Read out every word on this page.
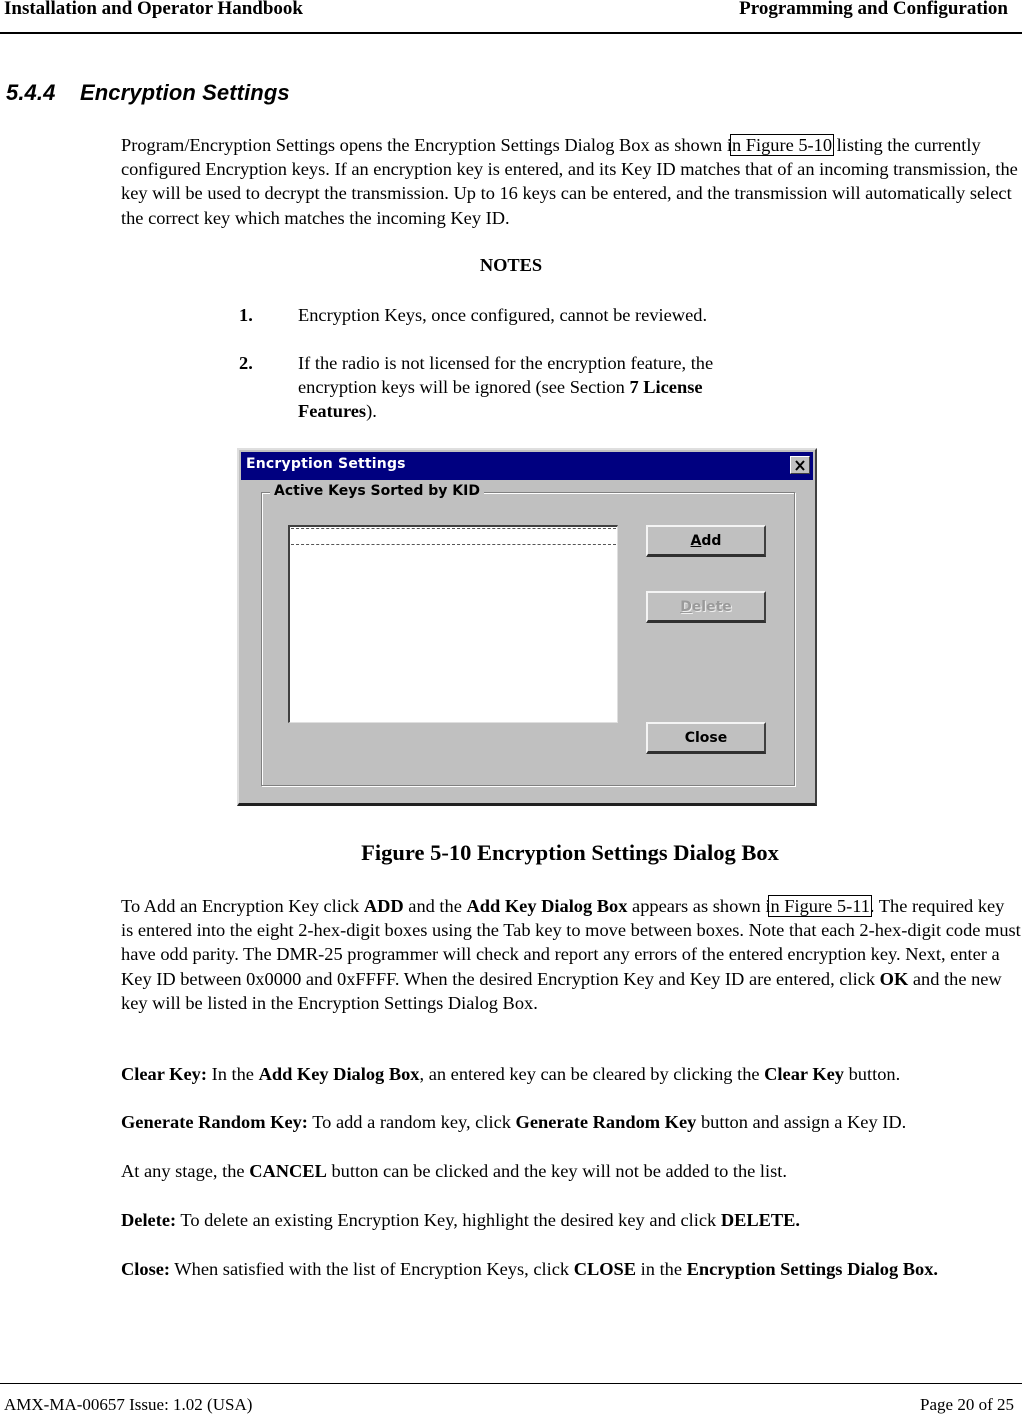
Installation and Operator Handbook	Programming and Configuration
5.4.4 Encryption Settings
Program/Encryption Settings opens the Encryption Settings Dialog Box as shown in Figure 5-10 listing the currently configured Encryption keys. If an encryption key is entered, and its Key ID matches that of an incoming transmission, the key will be used to decrypt the transmission. Up to 16 keys can be entered, and the transmission will automatically select the correct key which matches the incoming Key ID.
NOTES
1. Encryption Keys, once configured, cannot be reviewed.
2. If the radio is not licensed for the encryption feature, the encryption keys will be ignored (see Section 7 License Features).
Encryption Settings
Active Keys Sorted by KID
Add
Delete
Close
Figure 5-10 Encryption Settings Dialog Box
To Add an Encryption Key click ADD and the Add Key Dialog Box appears as shown in Figure 5-11. The required key is entered into the eight 2-hex-digit boxes using the Tab key to move between boxes. Note that each 2-hex-digit code must have odd parity. The DMR-25 programmer will check and report any errors of the entered encryption key. Next, enter a Key ID between 0x0000 and 0xFFFF. When the desired Encryption Key and Key ID are entered, click OK and the new key will be listed in the Encryption Settings Dialog Box.
Clear Key: In the Add Key Dialog Box, an entered key can be cleared by clicking the Clear Key button.
Generate Random Key: To add a random key, click Generate Random Key button and assign a Key ID.
At any stage, the CANCEL button can be clicked and the key will not be added to the list.
Delete: To delete an existing Encryption Key, highlight the desired key and click DELETE.
Close: When satisfied with the list of Encryption Keys, click CLOSE in the Encryption Settings Dialog Box.
AMX-MA-00657 Issue: 1.02 (USA)	Page 20 of 25
